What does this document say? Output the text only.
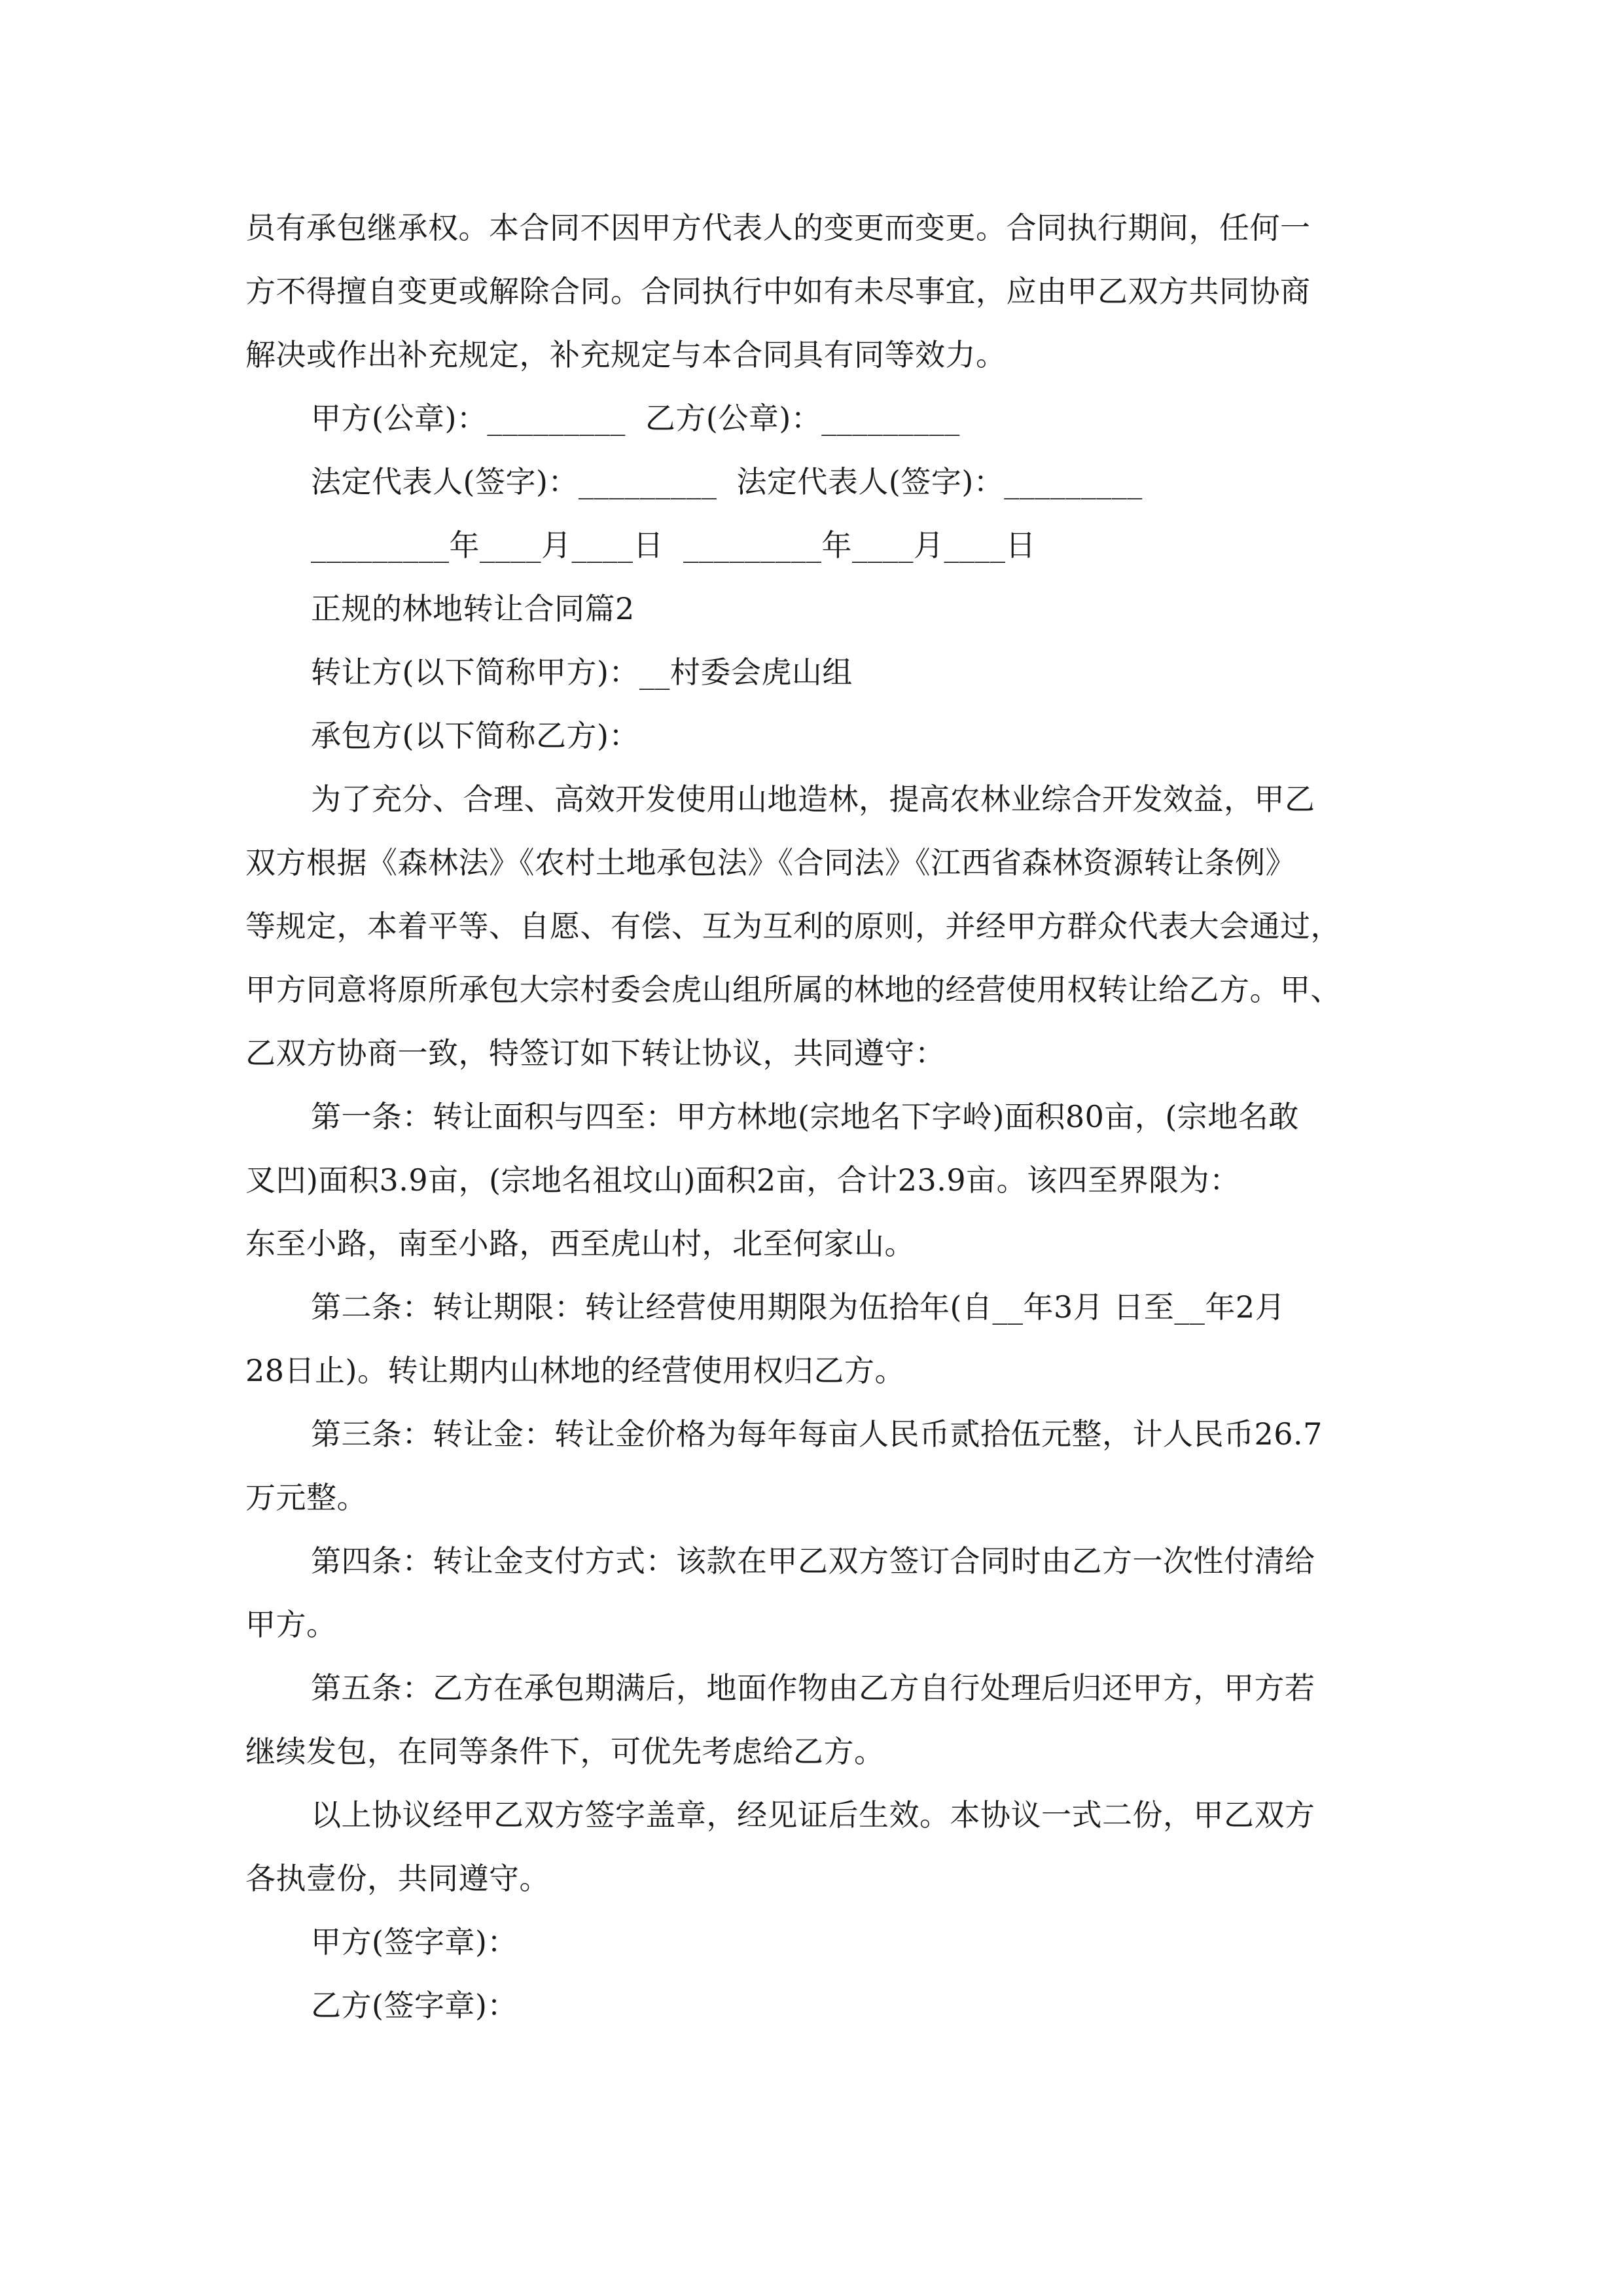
员有承包继承权。本合同不因甲方代表人的变更而变更。合同执行期间，任何一
方不得擅自变更或解除合同。合同执行中如有未尽事宜，应由甲乙双方共同协商
解决或作出补充规定，补充规定与本合同具有同等效力。
甲方(公章)：_________ 乙方(公章)：_________
法定代表人(签字)：_________ 法定代表人(签字)：_________
_________年____月____日 _________年____月____日
正规的林地转让合同篇2
转让方(以下简称甲方)：__村委会虎山组
承包方(以下简称乙方)：
为了充分、合理、高效开发使用山地造林，提高农林业综合开发效益，甲乙
双方根据《森林法》《农村土地承包法》《合同法》《江西省森林资源转让条例》
等规定，本着平等、自愿、有偿、互为互利的原则，并经甲方群众代表大会通过，
甲方同意将原所承包大宗村委会虎山组所属的林地的经营使用权转让给乙方。甲、
乙双方协商一致，特签订如下转让协议，共同遵守：
第一条：转让面积与四至：甲方林地(宗地名下字岭)面积80亩，(宗地名敢
叉凹)面积3.9亩，(宗地名祖坟山)面积2亩，合计23.9亩。该四至界限为：
东至小路，南至小路，西至虎山村，北至何家山。
第二条：转让期限：转让经营使用期限为伍拾年(自__年3月 日至__年2月
28日止)。转让期内山林地的经营使用权归乙方。
第三条：转让金：转让金价格为每年每亩人民币贰拾伍元整，计人民币26.7
万元整。
第四条：转让金支付方式：该款在甲乙双方签订合同时由乙方一次性付清给
甲方。
第五条：乙方在承包期满后，地面作物由乙方自行处理后归还甲方，甲方若
继续发包，在同等条件下，可优先考虑给乙方。
以上协议经甲乙双方签字盖章，经见证后生效。本协议一式二份，甲乙双方
各执壹份，共同遵守。
甲方(签字章)：
乙方(签字章)：
